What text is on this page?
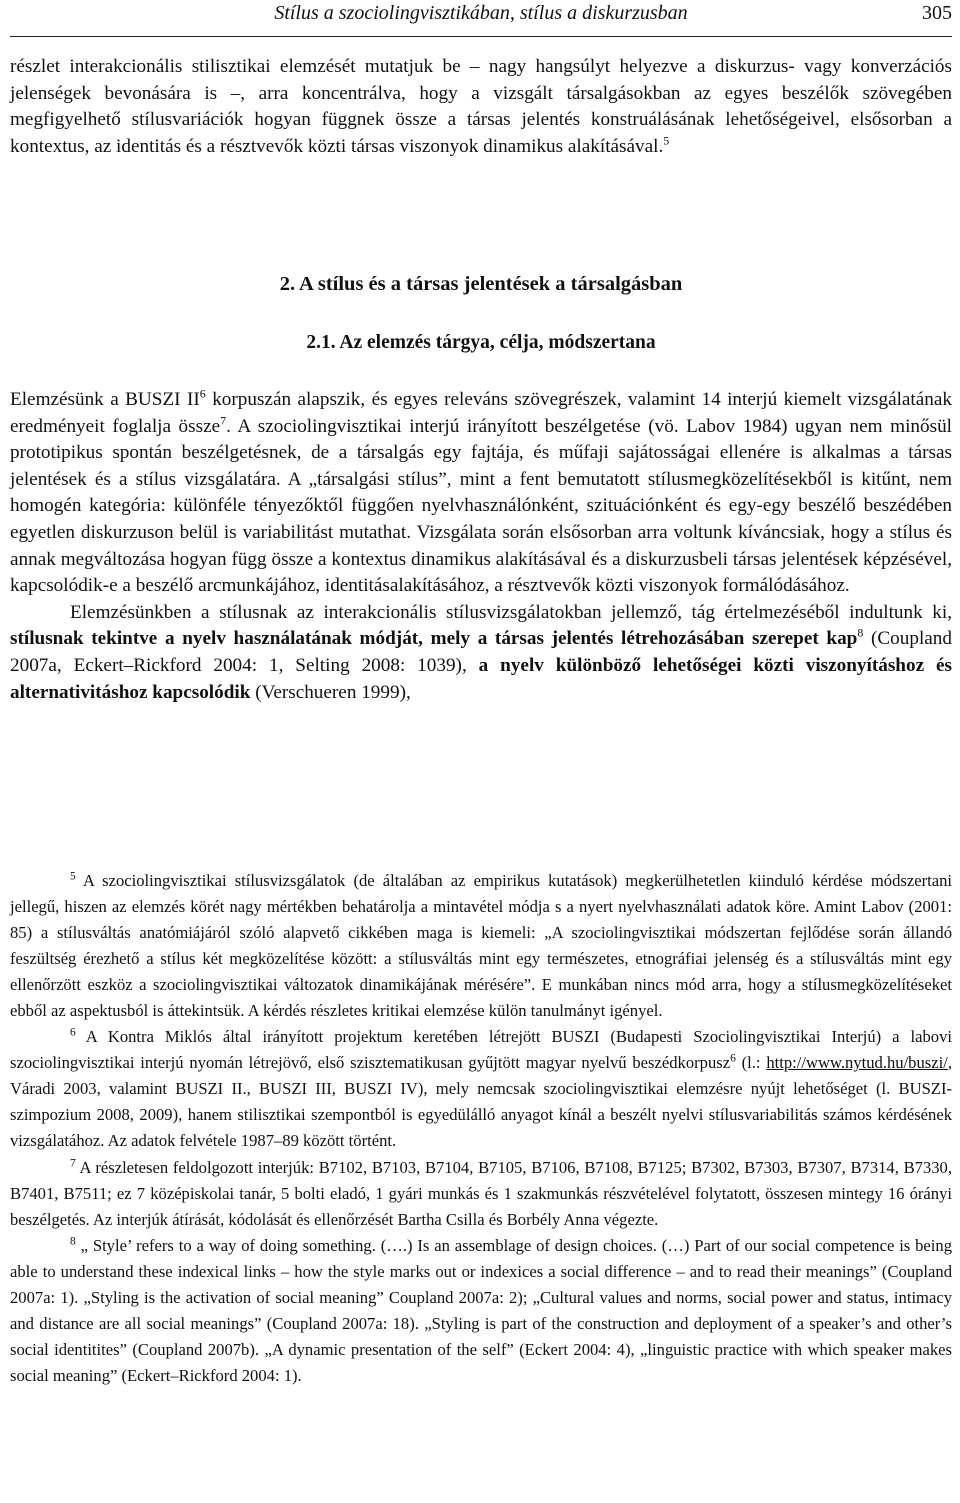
Stílus a szociolingvisztikában, stílus a diskurzusban	305

részlet interakcionális stilisztikai elemzését mutatjuk be – nagy hangsúlyt helyezve a diskurzus- vagy konverzációs jelenségek bevonására is –, arra koncentrálva, hogy a vizsgált társalgásokban az egyes beszélők szövegében megfigyelhető stílusvariációk hogyan függnek össze a társas jelentés konstruálásának lehetőségeivel, elsősorban a kontextus, az identitás és a résztvevők közti társas viszonyok dinamikus alakításával.$^5$

2. A stílus és a társas jelentések a társalgásban
2.1. Az elemzés tárgya, célja, módszertana

Elemzésünk a BUSZI $II^6$ korpuszán alapszik, és egyes releváns szövegrészek, valamint 14 interjú kiemelt vizsgálatának eredményeit foglalja össze$^7$. A szociolingvisztikai interjú irányított beszélgetése (vö. Labov 1984) ugyan nem minősül prototipikus spontán beszélgetésnek, de a társalgás egy fajtája, és műfaji sajátosságai ellenére is alkalmas a társas jelentések és a stílus vizsgálatára. A „társalgási stílus”, mint a fent bemutatott stílusmegközelítésekből is kitűnt, nem homogén kategória: különféle tényezőktől függően nyelvhasználónként, szituációnként és egy-egy beszélő beszédében egyetlen diskurzuson belül is variabilitást mutathat. Vizsgálata során elsősorban arra voltunk kíváncsiak, hogy a stílus és annak megváltozása hogyan függ össze a kontextus dinamikus alakításával és a diskurzusbeli társas jelentések képzésével, kapcsolódik-e a beszélő arcmunkájához, identitásalakításához, a résztvevők közti viszonyok formálódásához.

Elemzésünkben a stílusnak az interakcionális stílusvizsgálatokban jellemző, tág értelmezéséből indultunk ki, stílusnak tekintve a nyelv használatának módját, mely a társas jelentés létrehozásában szerepet kap$^8$ (Coupland 2007a, Eckert–Rickford 2004: 1, Selting 2008: 1039), a nyelv különböző lehetőségei közti viszonyításhoz és alternativitáshoz kapcsolódik (Verschueren 1999),

$^5$ A szociolingvisztikai stílusvizsgálatok (de általában az empirikus kutatások) megkerülhetetlen kiinduló kérdése módszertani jellegű, hiszen az elemzés körét nagy mértékben behatárolja a mintavétel módja s a nyert nyelvhasználati adatok köre. Amint Labov (2001: 85) a stílusváltás anatómiájáról szóló alapvető cikkében maga is kiemeli: „A szociolingvisztikai módszertan fejlődése során állandó feszültség érezhető a stílus két megközelítése között: a stílusváltás mint egy természetes, etnográfiai jelenség és a stílusváltás mint egy ellenőrzött eszköz a szociolingvisztikai változatok dinamikájának mérésére”. E munkában nincs mód arra, hogy a stílusmegközelítéseket ebből az aspektusból is áttekintsük. A kérdés részletes kritikai elemzése külön tanulmányt igényel.

$^6$ A Kontra Miklós által irányított projektum keretében létrejött BUSZI (Budapesti Szociolingvisztikai Interjú) a labovi szociolingvisztikai interjú nyomán létrejövő, első szisztematikusan gyűjtött magyar nyelvű beszédkorpusz$^6$ (l.: http://www.nytud.hu/buszi/, Váradi 2003, valamint BUSZI II., BUSZI III, BUSZI IV), mely nemcsak szociolingvisztikai elemzésre nyújt lehetőséget (l. BUSZI-szimpozium 2008, 2009), hanem stilisztikai szempontból is egyedülálló anyagot kínál a beszélt nyelvi stílusvariabilitás számos kérdésének vizsgálatához. Az adatok felvétele 1987–89 között történt.

$^7$ A részletesen feldolgozott interjúk: B7102, B7103, B7104, B7105, B7106, B7108, B7125; B7302, B7303, B7307, B7314, B7330, B7401, B7511; ez 7 középiskolai tanár, 5 bolti eladó, 1 gyári munkás és 1 szakmunkás részvételével folytatott, összesen mintegy 16 órányi beszélgetés. Az interjúk átírását, kódolását és ellenőrzését Bartha Csilla és Borbély Anna végezte.

$^8$ „ Style’ refers to a way of doing something. (….) Is an assemblage of design choices. (…) Part of our social competence is being able to understand these indexical links – how the style marks out or indexices a social difference – and to read their meanings” (Coupland 2007a: 1). „Styling is the activation of social meaning” Coupland 2007a: 2); „Cultural values and norms, social power and status, intimacy and distance are all social meanings” (Coupland 2007a: 18). „Styling is part of the construction and deployment of a speaker’s and other’s social identitites” (Coupland 2007b). „A dynamic presentation of the self” (Eckert 2004: 4), „linguistic practice with which speaker makes social meaning” (Eckert–Rickford 2004: 1).
